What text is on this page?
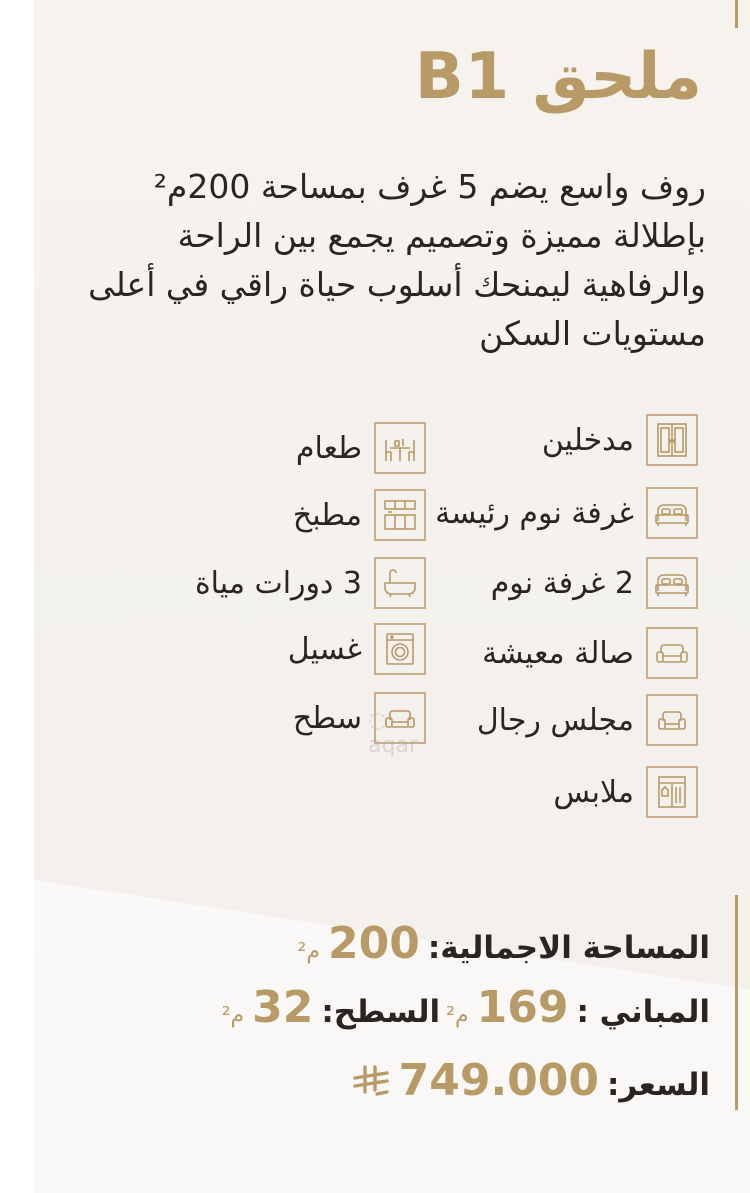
ملحق B1
روف واسع يضم 5 غرف بمساحة 200م² بإطلالة مميزة وتصميم يجمع بين الراحة والرفاهية ليمنحك أسلوب حياة راقي في أعلى مستويات السكن
مدخلين
غرفة نوم رئيسة
2 غرفة نوم
صالة معيشة
مجلس رجال
ملابس
طعام
مطبخ
3 دورات مياة
غسيل
سطح ◌ aqar
المساحة الاجمالية:
200
م²
المباني :
169
م²
السطح:
32
م²
السعر:
749.000
